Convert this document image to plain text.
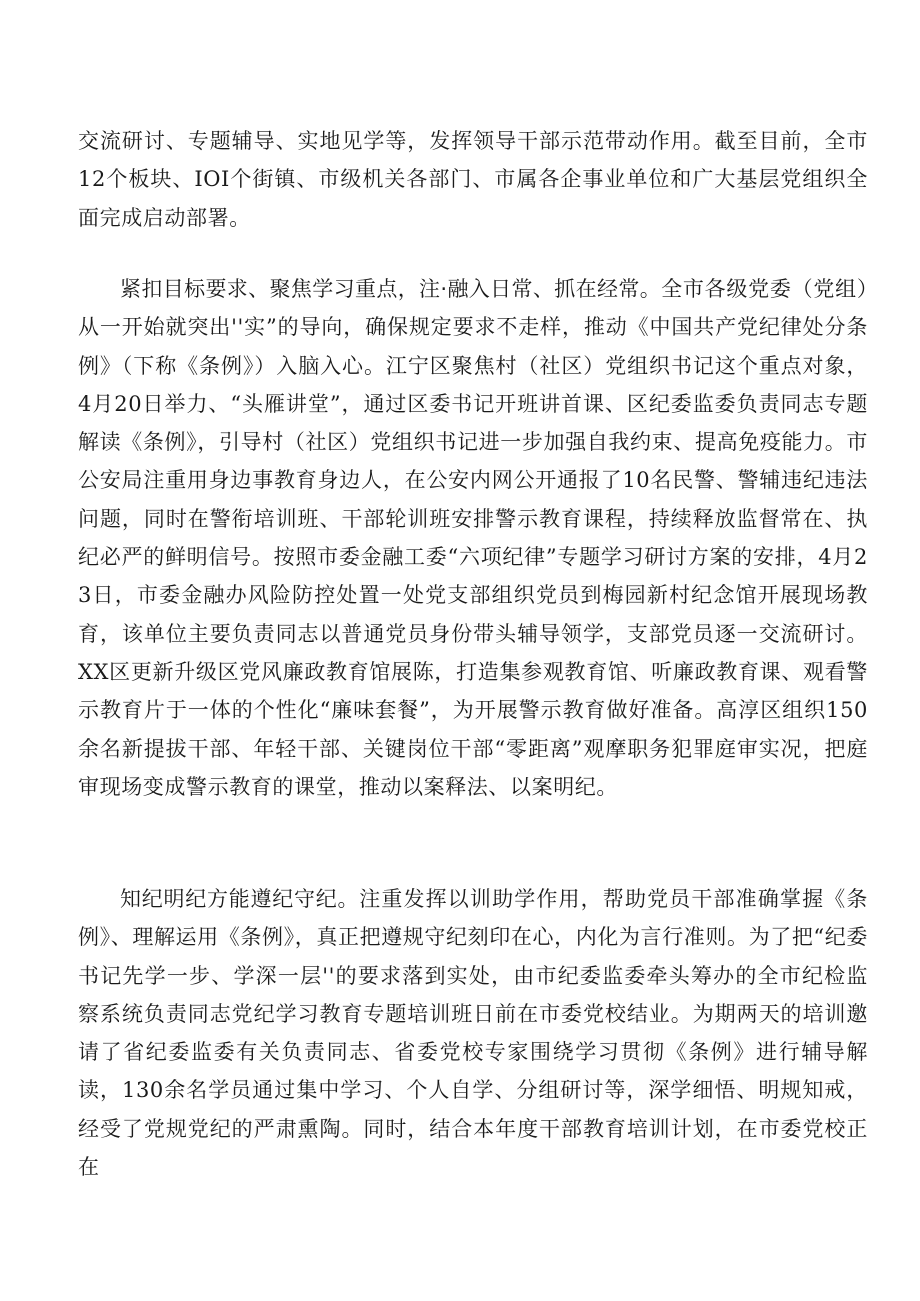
交流研讨、专题辅导、实地见学等，发挥领导干部示范带动作用。截至目前，全市12个板块、IOI个街镇、市级机关各部门、市属各企事业单位和广大基层党组织全面完成启动部署。

紧扣目标要求、聚焦学习重点，注·融入日常、抓在经常。全市各级党委（党组）从一开始就突出''实”的导向，确保规定要求不走样，推动《中国共产党纪律处分条例》（下称《条例》）入脑入心。江宁区聚焦村（社区）党组织书记这个重点对象，4月20日举力、“头雁讲堂”，通过区委书记开班讲首课、区纪委监委负责同志专题解读《条例》，引导村（社区）党组织书记进一步加强自我约束、提高免疫能力。市公安局注重用身边事教育身边人，在公安内网公开通报了10名民警、警辅违纪违法问题，同时在警衔培训班、干部轮训班安排警示教育课程，持续释放监督常在、执纪必严的鲜明信号。按照市委金融工委“六项纪律”专题学习研讨方案的安排，4月23日，市委金融办风险防控处置一处党支部组织党员到梅园新村纪念馆开展现场教育，该单位主要负责同志以普通党员身份带头辅导领学，支部党员逐一交流研讨。XX区更新升级区党风廉政教育馆展陈，打造集参观教育馆、听廉政教育课、观看警示教育片于一体的个性化“廉味套餐”，为开展警示教育做好准备。高淳区组织150余名新提拔干部、年轻干部、关键岗位干部“零距离”观摩职务犯罪庭审实况，把庭审现场变成警示教育的课堂，推动以案释法、以案明纪。

知纪明纪方能遵纪守纪。注重发挥以训助学作用，帮助党员干部准确掌握《条例》、理解运用《条例》，真正把遵规守纪刻印在心，内化为言行准则。为了把“纪委书记先学一步、学深一层''的要求落到实处，由市纪委监委牵头筹办的全市纪检监察系统负责同志党纪学习教育专题培训班日前在市委党校结业。为期两天的培训邀请了省纪委监委有关负责同志、省委党校专家围绕学习贯彻《条例》进行辅导解读，130余名学员通过集中学习、个人自学、分组研讨等，深学细悟、明规知戒，经受了党规党纪的严肃熏陶。同时，结合本年度干部教育培训计划，在市委党校正在
